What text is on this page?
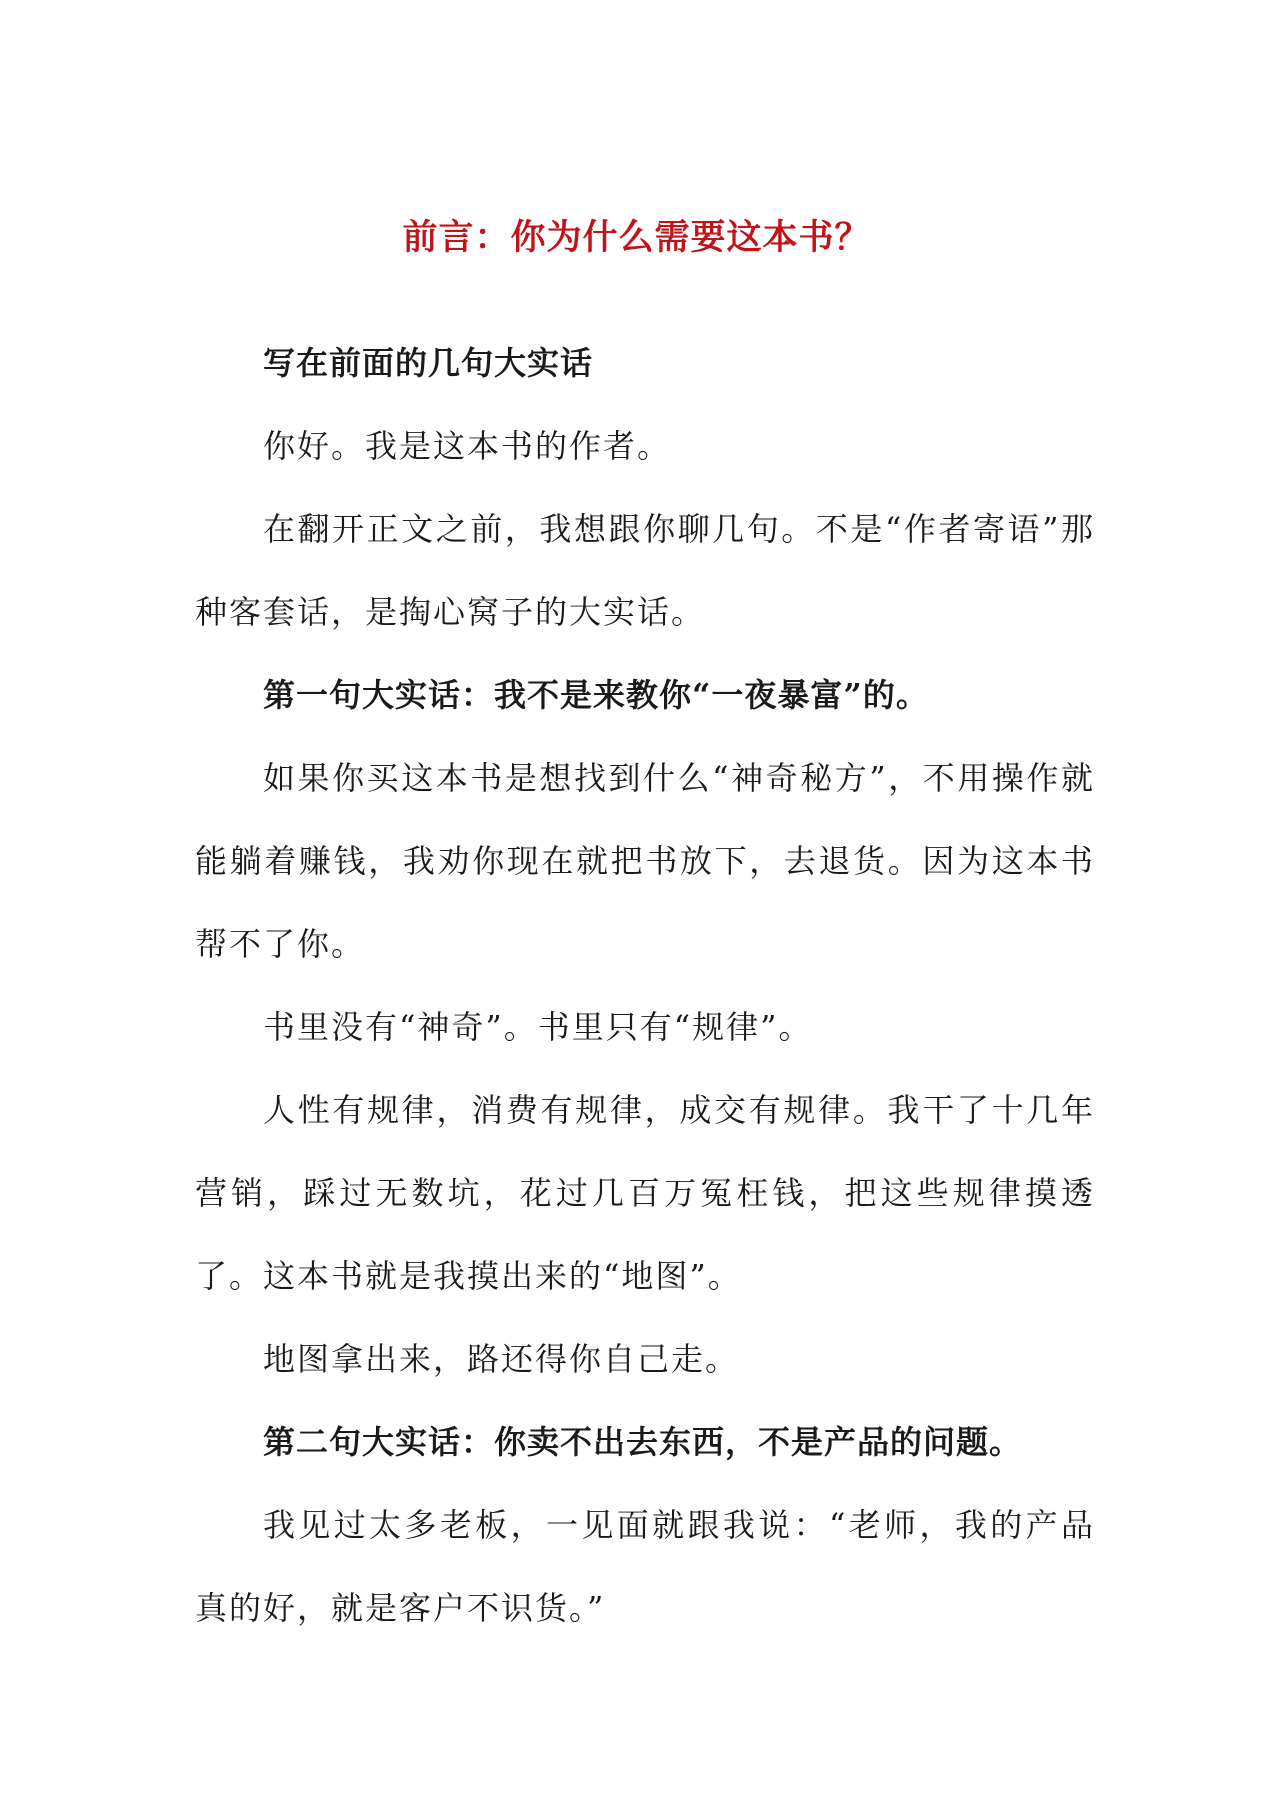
前言：你为什么需要这本书？

写在前面的几句大实话

你好。我是这本书的作者。

在翻开正文之前，我想跟你聊几句。不是“作者寄语”那种客套话，是掏心窝子的大实话。

第一句大实话：我不是来教你“一夜暴富”的。

如果你买这本书是想找到什么“神奇秘方”，不用操作就能躺着赚钱，我劝你现在就把书放下，去退货。因为这本书帮不了你。

书里没有“神奇”。书里只有“规律”。

人性有规律，消费有规律，成交有规律。我干了十几年营销，踩过无数坑，花过几百万冤枉钱，把这些规律摸透了。这本书就是我摸出来的“地图”。

地图拿出来，路还得你自己走。

第二句大实话：你卖不出去东西，不是产品的问题。

我见过太多老板，一见面就跟我说：“老师，我的产品真的好，就是客户不识货。”
